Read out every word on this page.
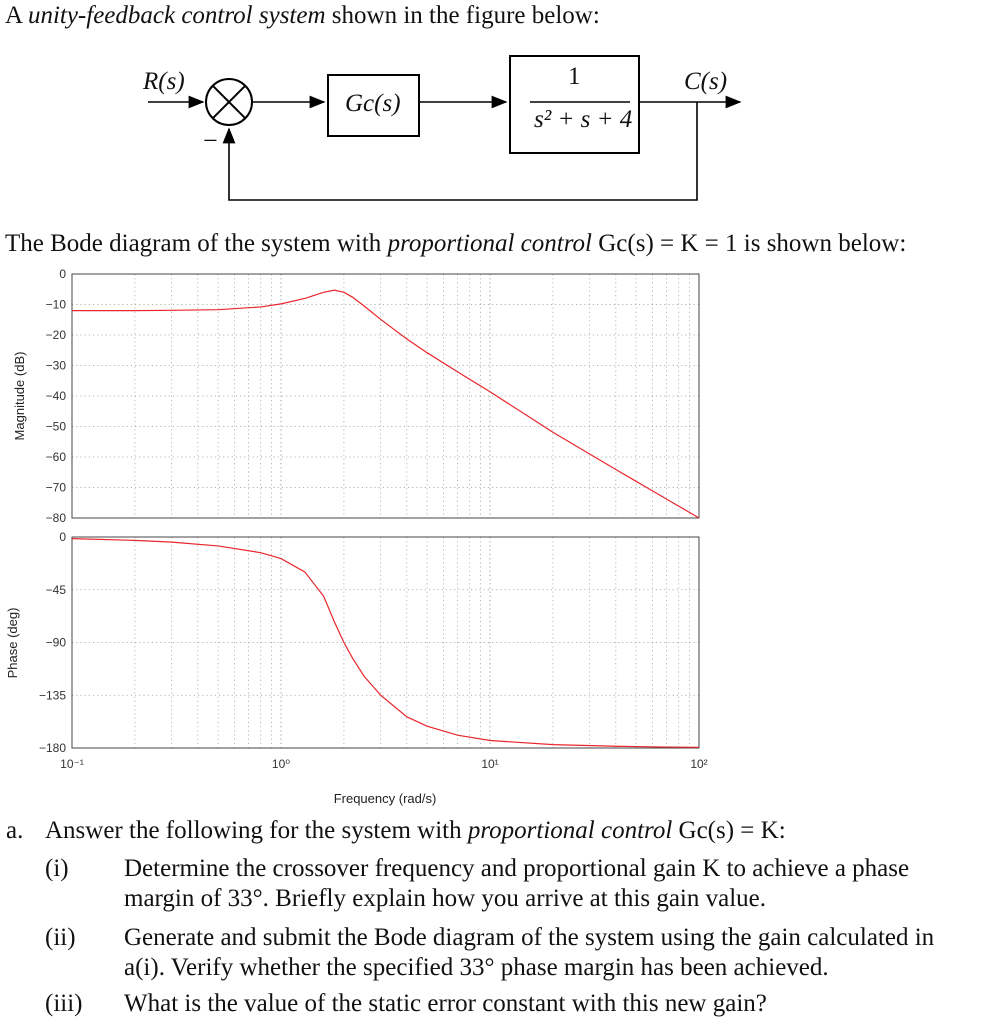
A unity-feedback control system shown in the figure below:
R(s)	C(s)
Gc(s)
1
s² + s + 4
−
The Bode diagram of the system with proportional control Gc(s) = K = 1 is shown below:
0
−10
−20
−30
−40
−50
−60
−70
−80
0
−45
−90
−135
−180
10⁻¹	10⁰	10¹	10²
Magnitude (dB)
Phase (deg)
Frequency (rad/s)
a. Answer the following for the system with proportional control Gc(s) = K:
(i) Determine the crossover frequency and proportional gain K to achieve a phase
margin of 33°. Briefly explain how you arrive at this gain value.
(ii) Generate and submit the Bode diagram of the system using the gain calculated in
a(i). Verify whether the specified 33° phase margin has been achieved.
(iii) What is the value of the static error constant with this new gain?
